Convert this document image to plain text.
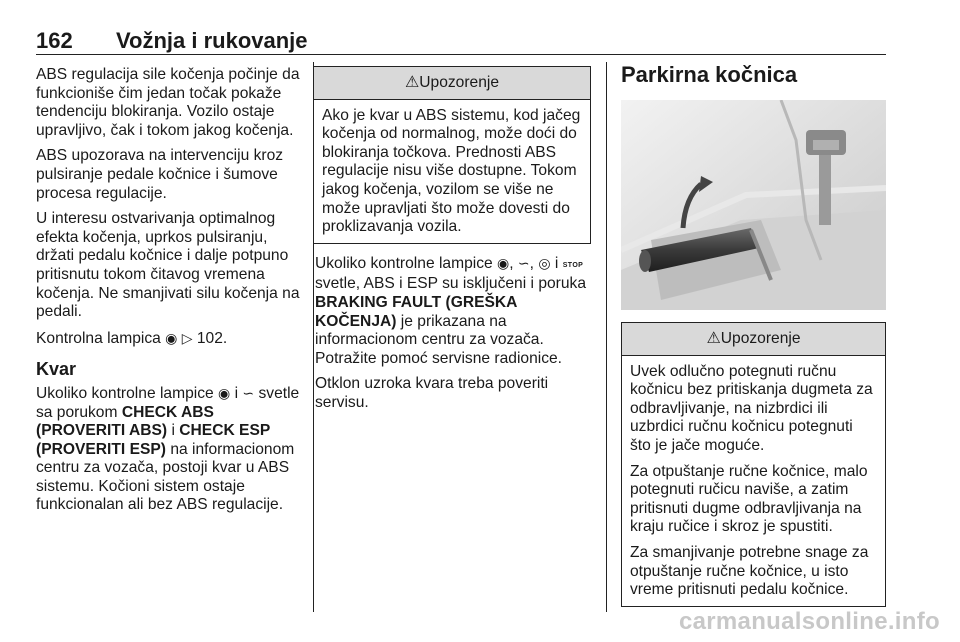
162 Vožnja i rukovanje

ABS regulacija sile kočenja počinje da funkcioniše čim jedan točak pokaže tendenciju blokiranja. Vozilo ostaje upravljivo, čak i tokom jakog kočenja.

ABS upozorava na intervenciju kroz pulsiranje pedale kočnice i šumove procesa regulacije.

U interesu ostvarivanja optimalnog efekta kočenja, uprkos pulsiranju, držati pedalu kočnice i dalje potpuno pritisnutu tokom čitavog vremena kočenja. Ne smanjivati silu kočenja na pedali.

Kontrolna lampica ◉ ▷ 102.

Kvar

Ukoliko kontrolne lampice ◉ i ∽ svetle sa porukom CHECK ABS (PROVERITI ABS) i CHECK ESP (PROVERITI ESP) na informacionom centru za vozača, postoji kvar u ABS sistemu. Kočioni sistem ostaje funkcionalan ali bez ABS regulacije.

⚠Upozorenje

Ako je kvar u ABS sistemu, kod jačeg kočenja od normalnog, može doći do blokiranja točkova. Prednosti ABS regulacije nisu više dostupne. Tokom jakog kočenja, vozilom se više ne može upravljati što može dovesti do proklizavanja vozila.

Ukoliko kontrolne lampice ◉, ∽, ◎ i STOP svetle, ABS i ESP su isključeni i poruka BRAKING FAULT (GREŠKA KOČENJA) je prikazana na informacionom centru za vozača. Potražite pomoć servisne radionice.

Otklon uzroka kvara treba poveriti servisu.

Parkirna kočnica
⚠Upozorenje

Uvek odlučno potegnuti ručnu kočnicu bez pritiskanja dugmeta za odbravljivanje, na nizbrdici ili uzbrdici ručnu kočnicu potegnuti što je jače moguće.

Za otpuštanje ručne kočnice, malo potegnuti ručicu naviše, a zatim pritisnuti dugme odbravljivanja na kraju ručice i skroz je spustiti.

Za smanjivanje potrebne snage za otpuštanje ručne kočnice, u isto vreme pritisnuti pedalu kočnice.

carmanualsonline.info
